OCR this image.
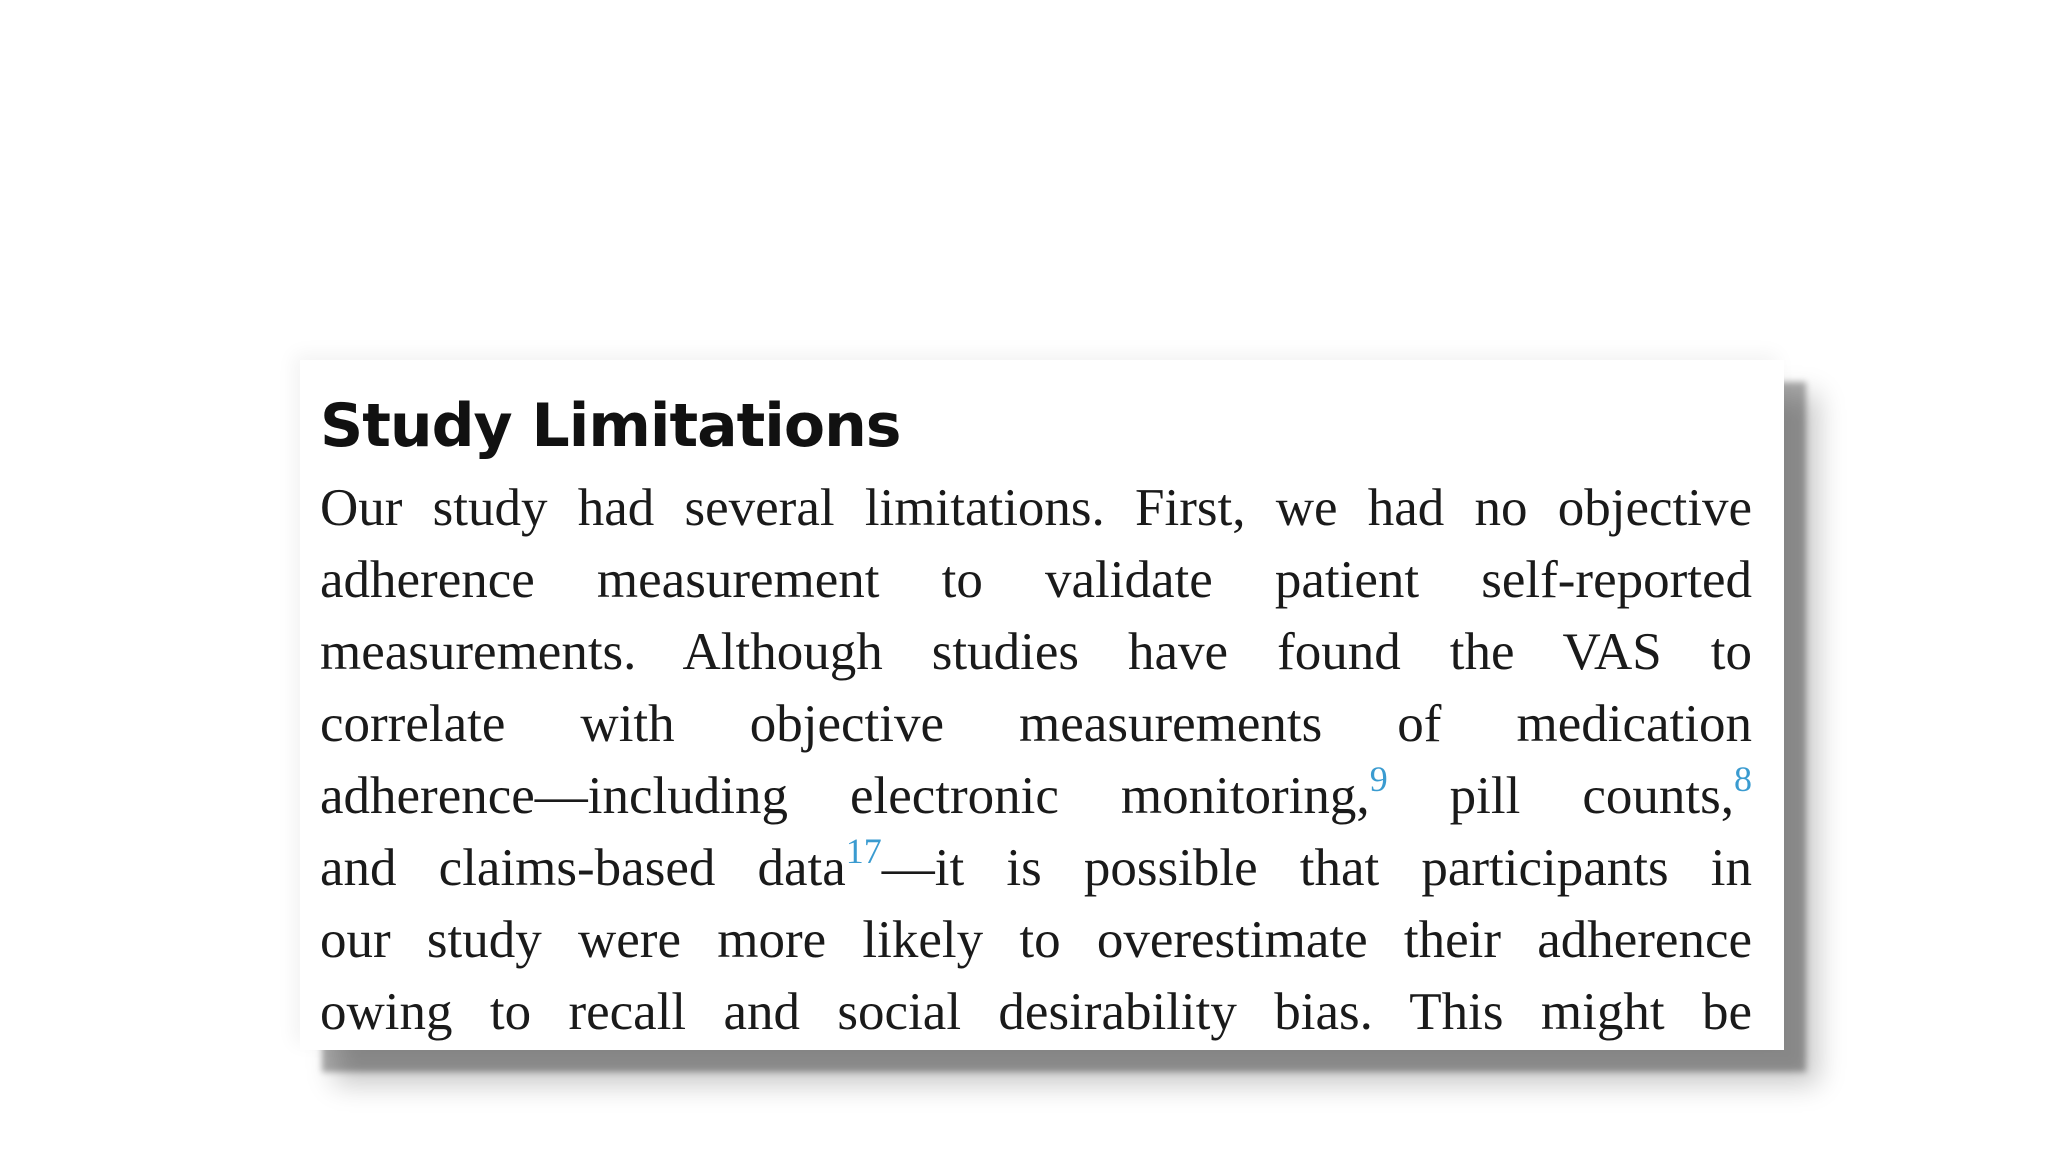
Study Limitations
Our study had several limitations. First, we had no objective
adherence measurement to validate patient self-reported
measurements. Although studies have found the VAS to
correlate with objective measurements of medication
adherence—including electronic monitoring,$^9$ pill counts,$^8$
and claims-based data$^{17}$—it is possible that participants in
our study were more likely to overestimate their adherence
owing to recall and social desirability bias. This might be
